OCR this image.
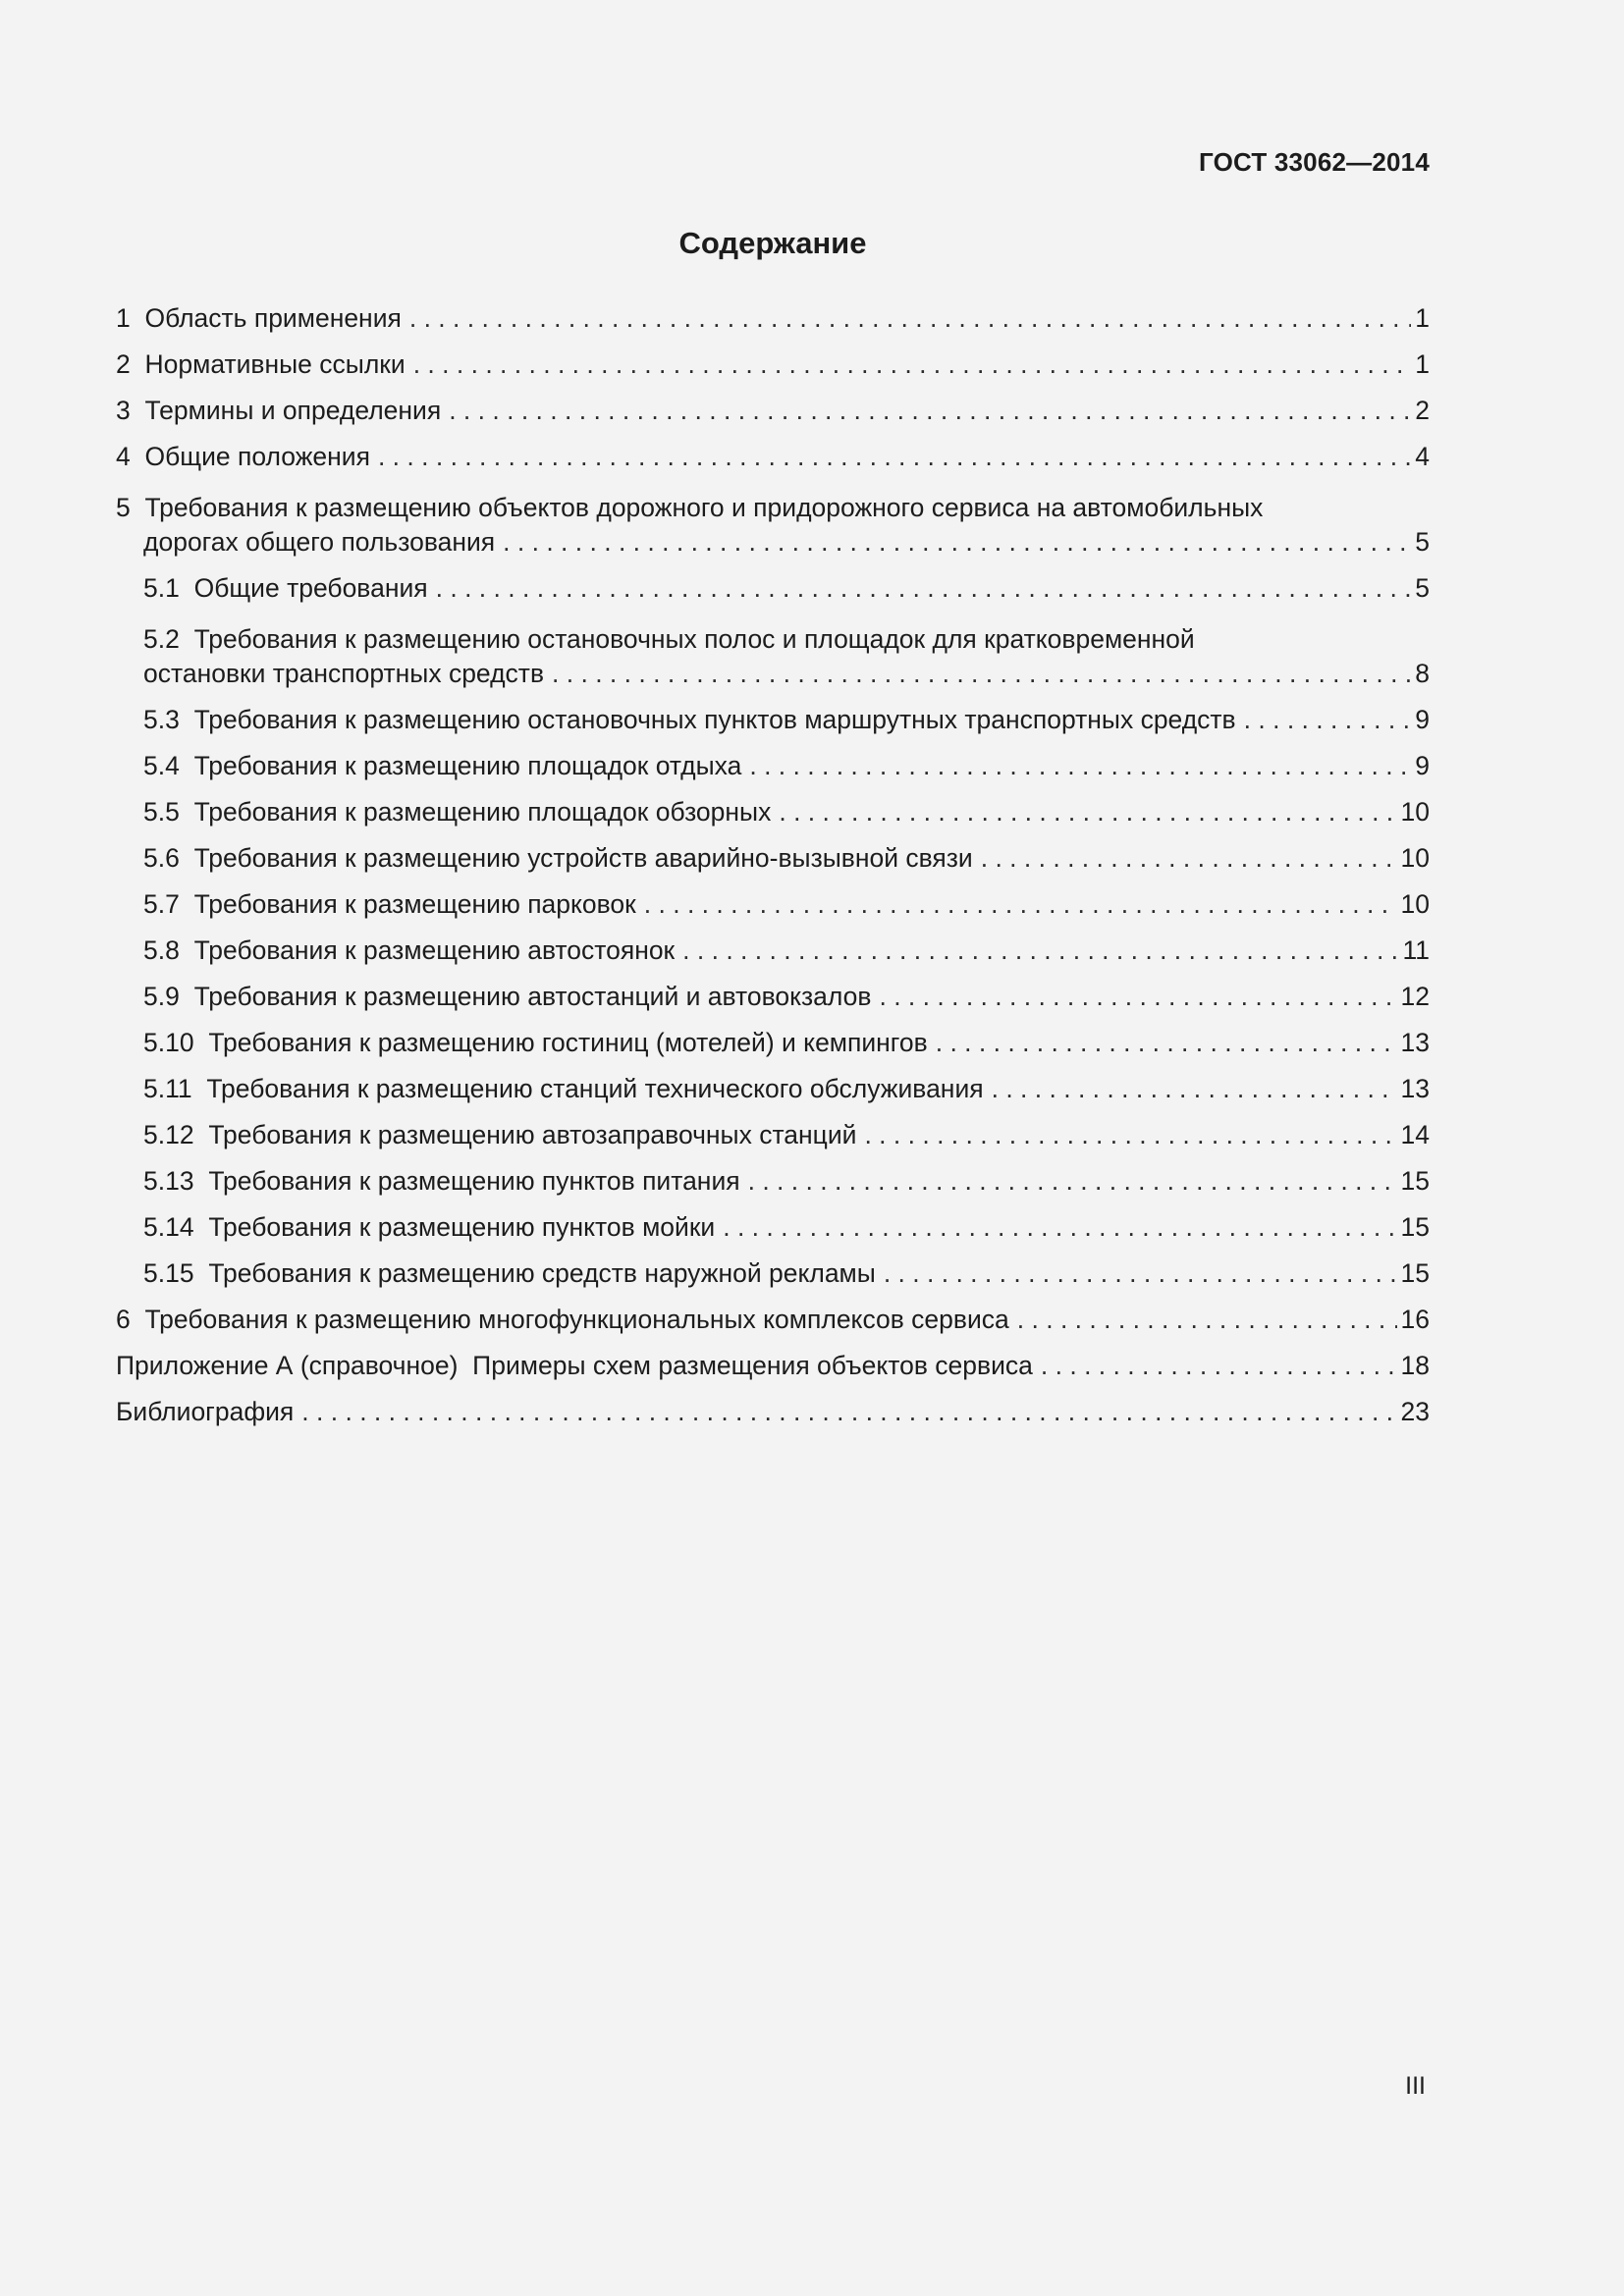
ГОСТ 33062—2014
Содержание
1
Область применения . . .	1
2
Нормативные ссылки . . .	1
3
Термины и определения . . .	2
4
Общие положения . . .	4
5 Требования к размещению объектов дорожного и придорожного сервиса на автомобильных
дорогах общего пользования . . .	5
5.1
Общие требования . . .	5
5.2 Требования к размещению остановочных полос и площадок для кратковременной
остановки транспортных средств . . .	8
5.3
Требования к размещению остановочных пунктов маршрутных транспортных средств . . .	9
5.4
Требования к размещению площадок отдыха . . .	9
5.5
Требования к размещению площадок обзорных . . .	10
5.6
Требования к размещению устройств аварийно-вызывной связи . . .	10
5.7
Требования к размещению парковок . . .	10
5.8
Требования к размещению автостоянок . . .	11
5.9
Требования к размещению автостанций и автовокзалов . . .	12
5.10
Требования к размещению гостиниц (мотелей) и кемпингов . . .	13
5.11
Требования к размещению станций технического обслуживания . . .	13
5.12
Требования к размещению автозаправочных станций . . .	14
5.13
Требования к размещению пунктов питания . . .	15
5.14
Требования к размещению пунктов мойки . . .	15
5.15
Требования к размещению средств наружной рекламы . . .	15
6
Требования к размещению многофункциональных комплексов сервиса . . .	16
Приложение А (справочное)
Примеры схем размещения объектов сервиса . . .	18
Библиография . . .	23
III
